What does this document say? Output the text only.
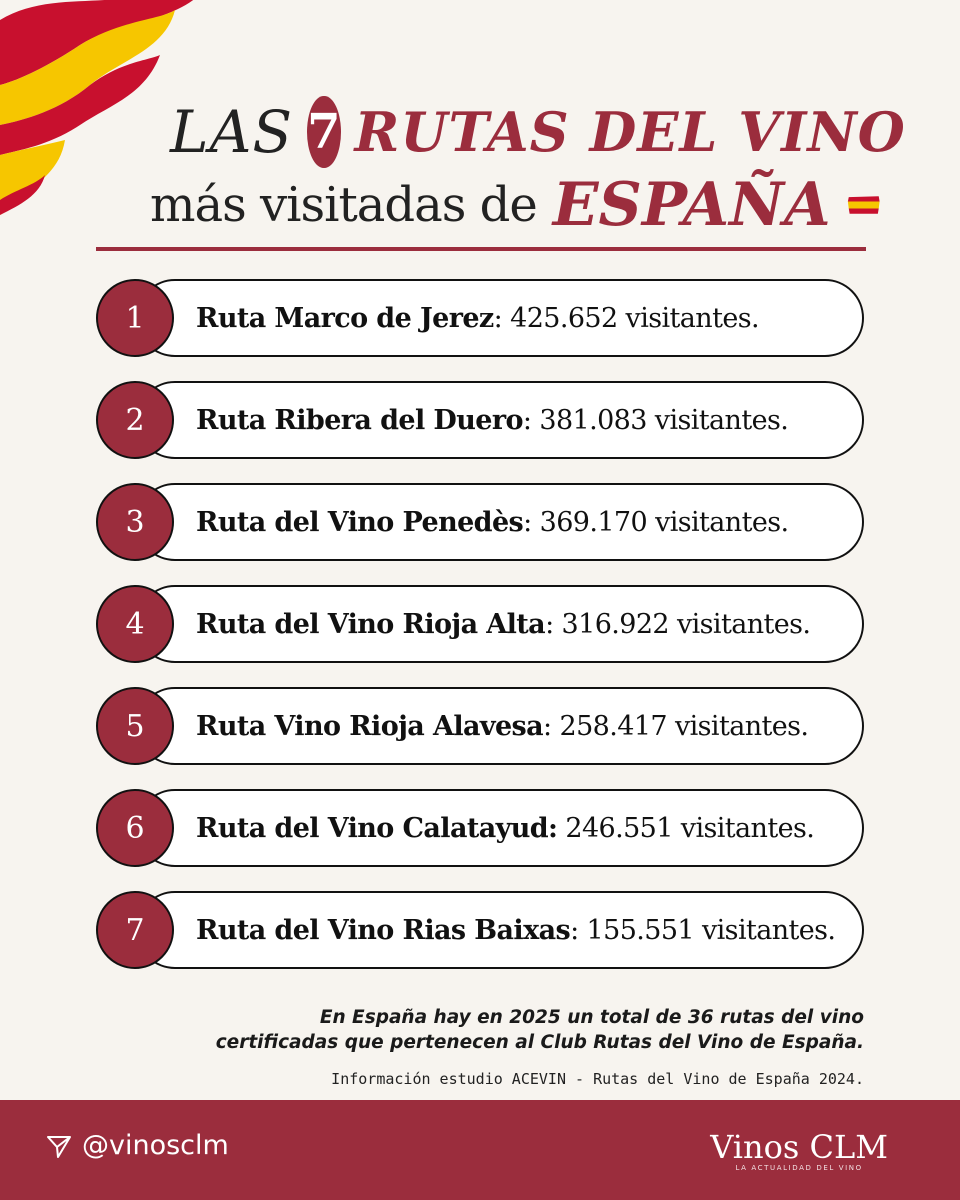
LAS 7 RUTAS DEL VINO
más visitadas de ESPAÑA
1	Ruta Marco de Jerez : 425.652 visitantes.
2	Ruta Ribera del Duero : 381.083 visitantes.
3	Ruta del Vino Penedès : 369.170 visitantes.
4	Ruta del Vino Rioja Alta : 316.922 visitantes.
5	Ruta Vino Rioja Alavesa : 258.417 visitantes.
6	Ruta del Vino Calatayud: 246.551 visitantes.
7	Ruta del Vino Rias Baixas : 155.551 visitantes.
En España hay en 2025 un total de 36 rutas del vino
certificadas que pertenecen al Club Rutas del Vino de España.
Información estudio ACEVIN - Rutas del Vino de España 2024.
@vinosclm	Vinos CLM
LA ACTUALIDAD DEL VINO
